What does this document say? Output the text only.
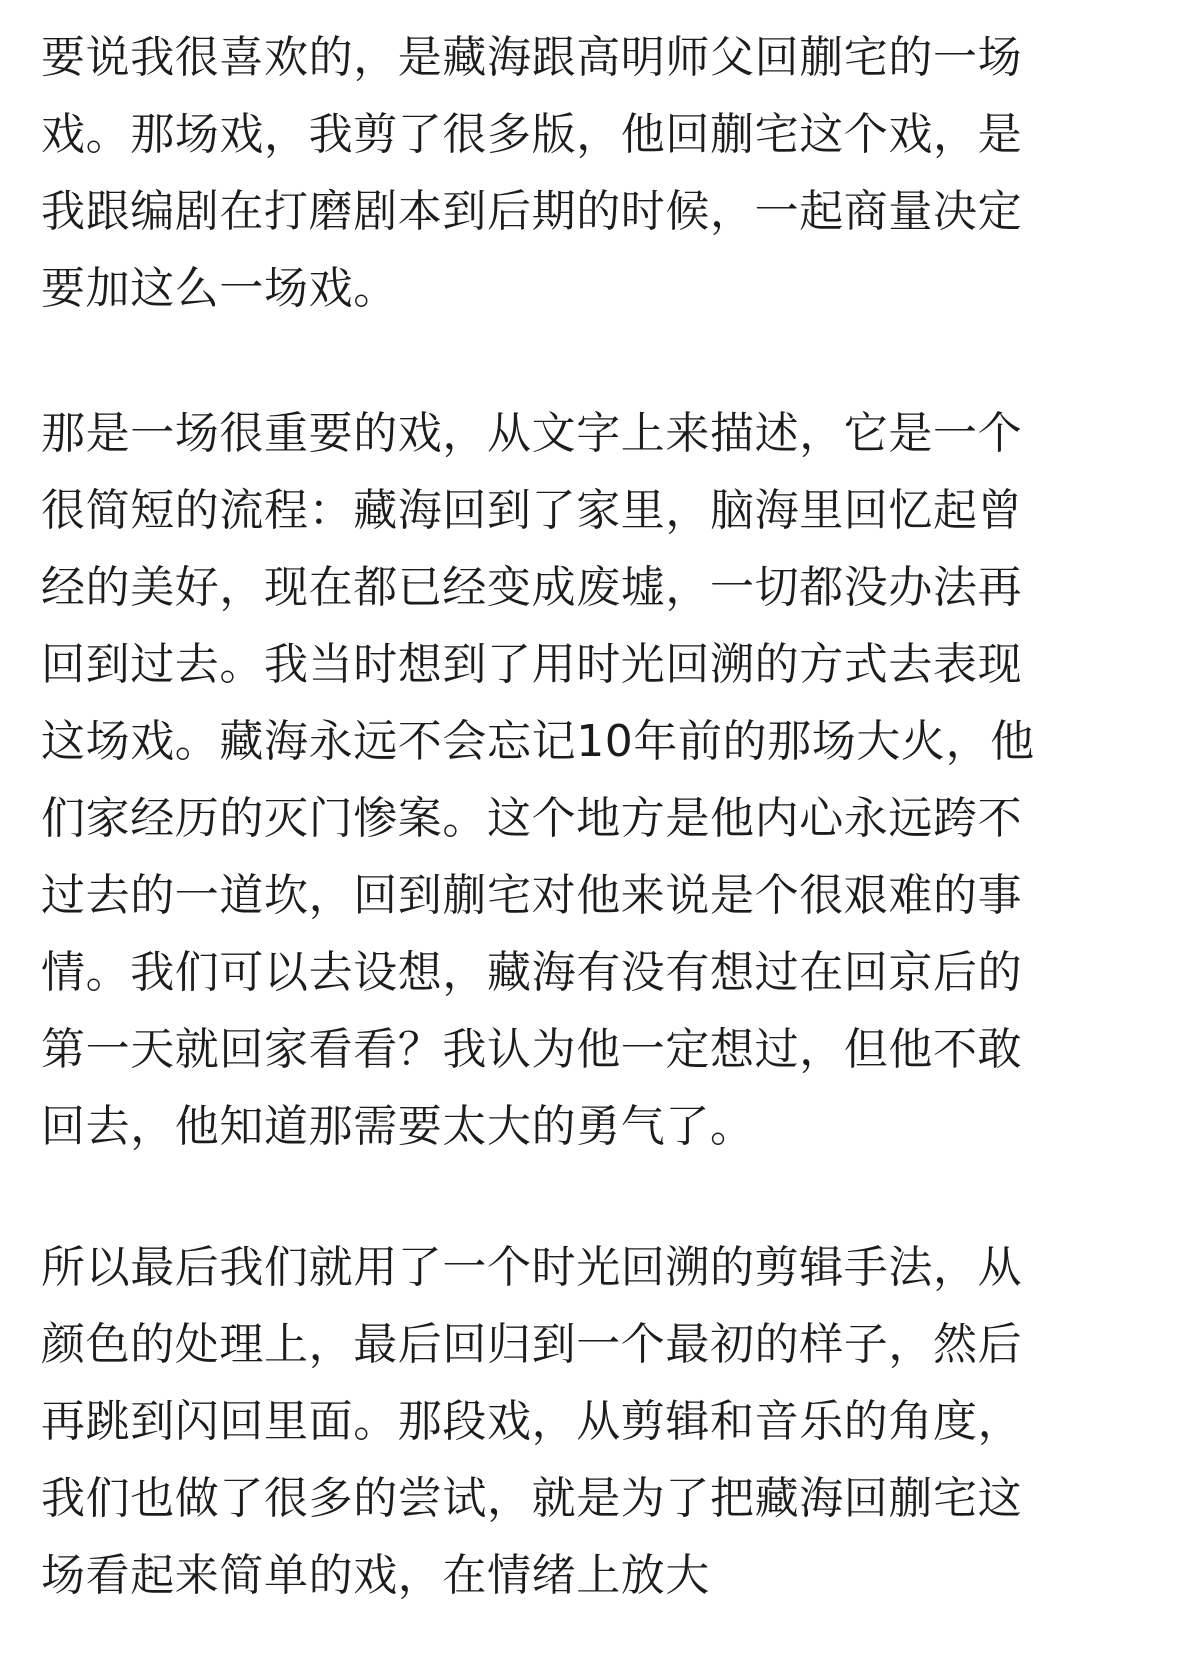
要说我很喜欢的，是藏海跟高明师父回蒯宅的一场
戏。那场戏，我剪了很多版，他回蒯宅这个戏，是
我跟编剧在打磨剧本到后期的时候，一起商量决定
要加这么一场戏。
那是一场很重要的戏，从文字上来描述，它是一个
很简短的流程：藏海回到了家里，脑海里回忆起曾
经的美好，现在都已经变成废墟，一切都没办法再
回到过去。我当时想到了用时光回溯的方式去表现
这场戏。藏海永远不会忘记10年前的那场大火，他
们家经历的灭门惨案。这个地方是他内心永远跨不
过去的一道坎，回到蒯宅对他来说是个很艰难的事
情。我们可以去设想，藏海有没有想过在回京后的
第一天就回家看看？我认为他一定想过，但他不敢
回去，他知道那需要太大的勇气了。
所以最后我们就用了一个时光回溯的剪辑手法，从
颜色的处理上，最后回归到一个最初的样子，然后
再跳到闪回里面。那段戏，从剪辑和音乐的角度，
我们也做了很多的尝试，就是为了把藏海回蒯宅这
场看起来简单的戏，在情绪上放大
